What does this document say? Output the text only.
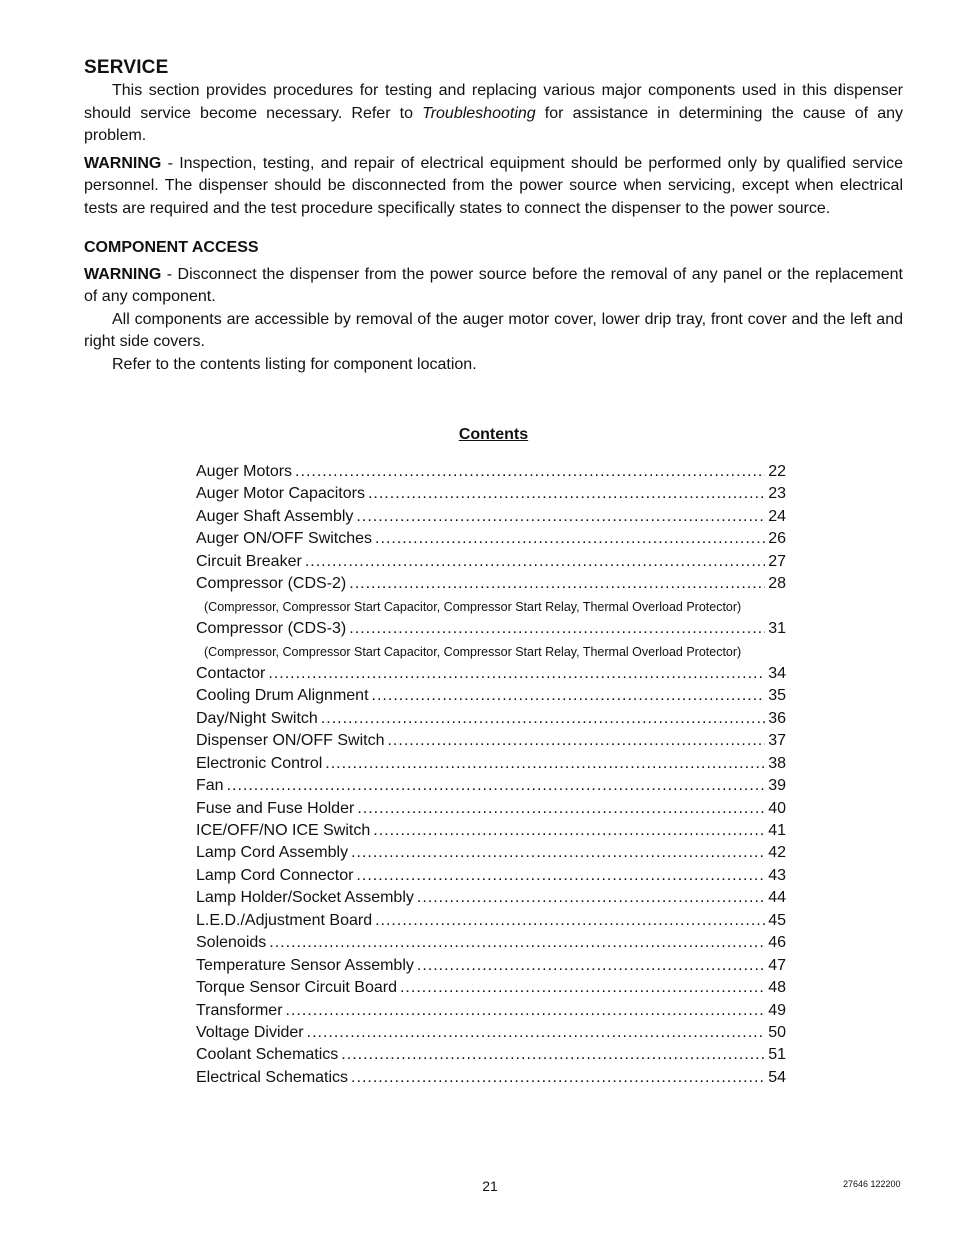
SERVICE

This section provides procedures for testing and replacing various major components used in this dispenser should service become necessary. Refer to Troubleshooting for assistance in determining the cause of any problem.

WARNING - Inspection, testing, and repair of electrical equipment should be performed only by qualified service personnel. The dispenser should be disconnected from the power source when servicing, except when electrical tests are required and the test procedure specifically states to connect the dispenser to the power source.

COMPONENT ACCESS

WARNING - Disconnect the dispenser from the power source before the removal of any panel or the replacement of any component.

All components are accessible by removal of the auger motor cover, lower drip tray, front cover and the left and right side covers.

Refer to the contents listing for component location.

Contents
Auger Motors .....	22
Auger Motor Capacitors .....	23
Auger Shaft Assembly .....	24
Auger ON/OFF Switches .....	26
Circuit Breaker .....	27
Compressor (CDS-2) .....	28
(Compressor, Compressor Start Capacitor, Compressor Start Relay, Thermal Overload Protector)
Compressor (CDS-3) .....	31
(Compressor, Compressor Start Capacitor, Compressor Start Relay, Thermal Overload Protector)
Contactor .....	34
Cooling Drum Alignment .....	35
Day/Night Switch .....	36
Dispenser ON/OFF Switch .....	37
Electronic Control .....	38
Fan .....	39
Fuse and Fuse Holder .....	40
ICE/OFF/NO ICE Switch .....	41
Lamp Cord Assembly .....	42
Lamp Cord Connector .....	43
Lamp Holder/Socket Assembly .....	44
L.E.D./Adjustment Board .....	45
Solenoids .....	46
Temperature Sensor Assembly .....	47
Torque Sensor Circuit Board .....	48
Transformer .....	49
Voltage Divider .....	50
Coolant Schematics .....	51
Electrical Schematics .....	54
21	27646 122200
